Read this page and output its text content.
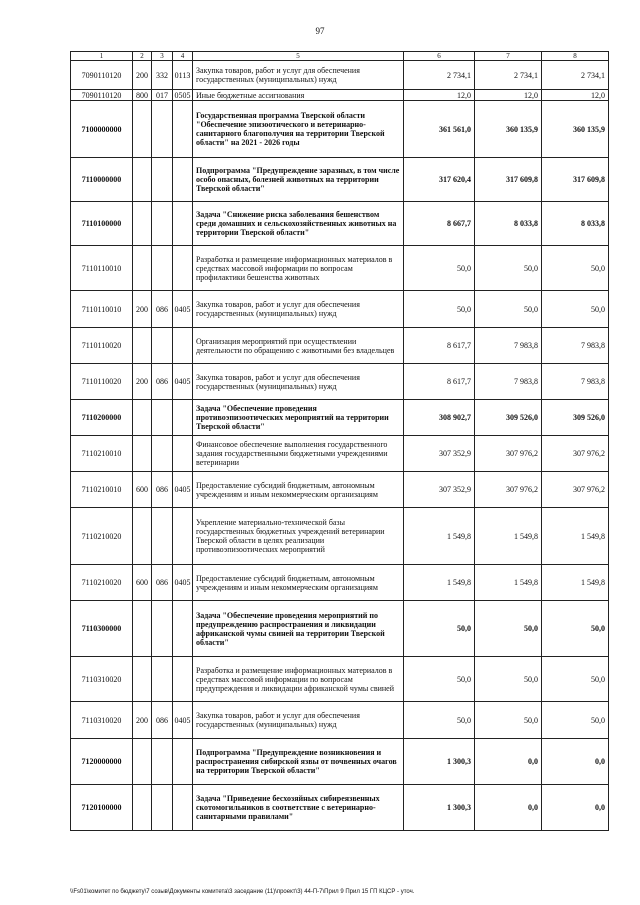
97
1	2	3	4	5	6	7	8
7090110120	200	332	0113	Закупка товаров, работ и услуг для обеспечения государственных (муниципальных) нужд	2 734,1	2 734,1	2 734,1
7090110120	800	017	0505	Иные бюджетные ассигнования	12,0	12,0	12,0
7100000000				Государственная программа Тверской области "Обеспечение эпизоотического и ветеринарно-санитарного благополучия на территории Тверской области" на 2021 - 2026 годы	361 561,0	360 135,9	360 135,9
7110000000				Подпрограмма "Предупреждение заразных, в том числе особо опасных, болезней животных на территории Тверской области"	317 620,4	317 609,8	317 609,8
7110100000				Задача "Снижение риска заболевания бешенством среди домашних и сельскохозяйственных животных на территории Тверской области"	8 667,7	8 033,8	8 033,8
7110110010				Разработка и размещение информационных материалов в средствах массовой информации по вопросам профилактики бешенства животных	50,0	50,0	50,0
7110110010	200	086	0405	Закупка товаров, работ и услуг для обеспечения государственных (муниципальных) нужд	50,0	50,0	50,0
7110110020				Организация мероприятий при осуществлении деятельности по обращению с животными без владельцев	8 617,7	7 983,8	7 983,8
7110110020	200	086	0405	Закупка товаров, работ и услуг для обеспечения государственных (муниципальных) нужд	8 617,7	7 983,8	7 983,8
7110200000				Задача "Обеспечение проведения противоэпизоотических мероприятий на территории Тверской области"	308 902,7	309 526,0	309 526,0
7110210010				Финансовое обеспечение выполнения государственного задания государственными бюджетными учреждениями ветеринарии	307 352,9	307 976,2	307 976,2
7110210010	600	086	0405	Предоставление субсидий бюджетным, автономным учреждениям и иным некоммерческим организациям	307 352,9	307 976,2	307 976,2
7110210020				Укрепление материально-технической базы государственных бюджетных учреждений ветеринарии Тверской области в целях реализации противоэпизоотических мероприятий	1 549,8	1 549,8	1 549,8
7110210020	600	086	0405	Предоставление субсидий бюджетным, автономным учреждениям и иным некоммерческим организациям	1 549,8	1 549,8	1 549,8
7110300000				Задача "Обеспечение проведения мероприятий по предупреждению распространения и ликвидации африканской чумы свиней на территории Тверской области"	50,0	50,0	50,0
7110310020				Разработка и размещение информационных материалов в средствах массовой информации по вопросам предупреждения и ликвидации африканской чумы свиней	50,0	50,0	50,0
7110310020	200	086	0405	Закупка товаров, работ и услуг для обеспечения государственных (муниципальных) нужд	50,0	50,0	50,0
7120000000				Подпрограмма "Предупреждение возникновения и распространения сибирской язвы от почвенных очагов на территории Тверской области"	1 300,3	0,0	0,0
7120100000				Задача "Приведение бесхозяйных сибиреязвенных скотомогильников в соответствие с ветеринарно-санитарными правилами"	1 300,3	0,0	0,0
\\Fs01\комитет по бюджету\7 созыв\Документы комитета\3 заседание (11)\проект\3) 44-П-7\Прил 9 Прил 15 ГП КЦСР - уточ.
